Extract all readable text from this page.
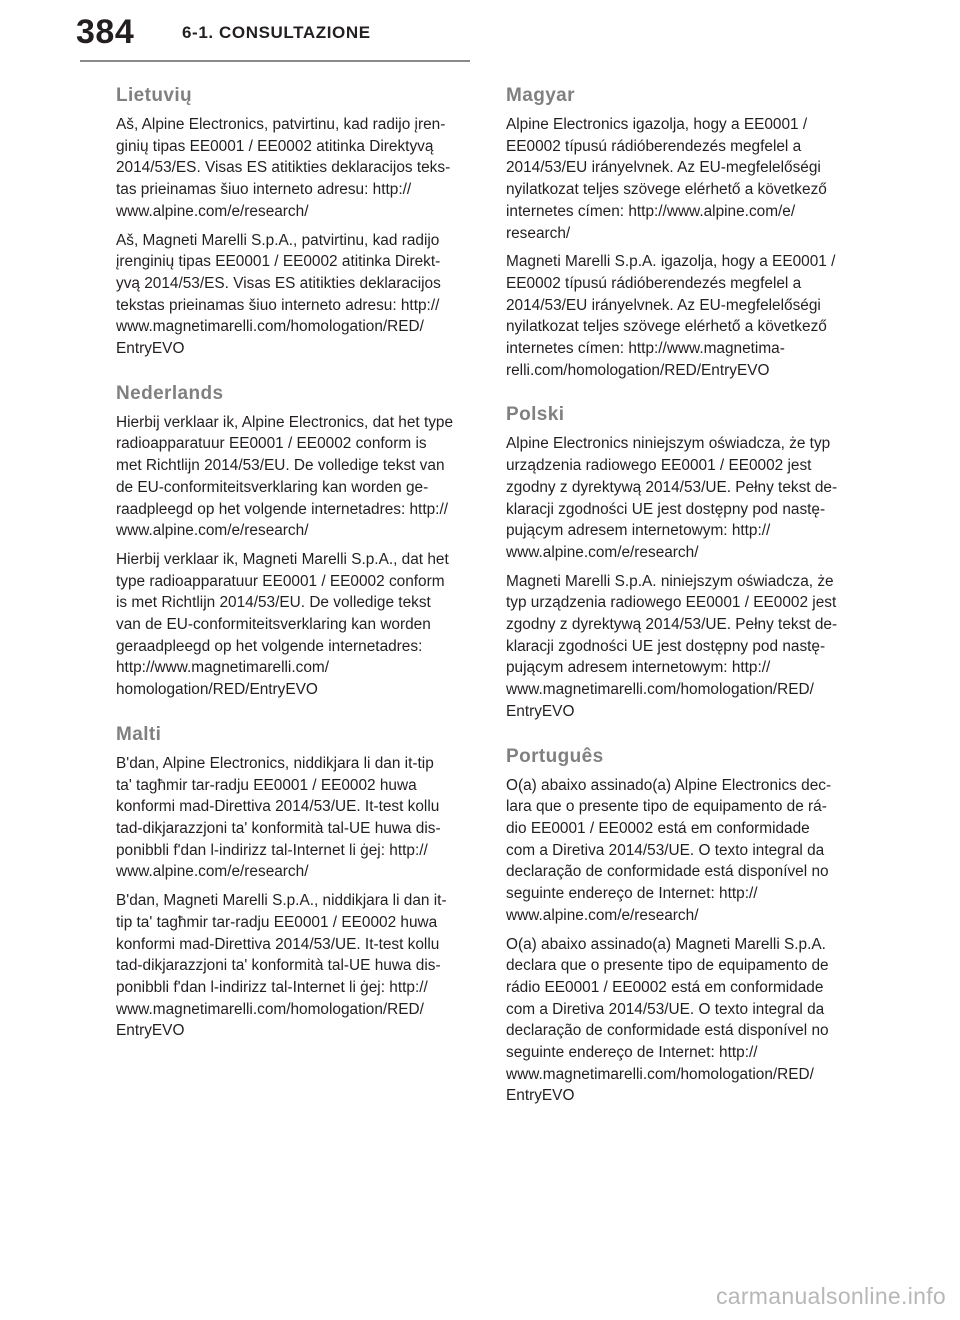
384	6-1. CONSULTAZIONE
Lietuvių

Aš, Alpine Electronics, patvirtinu, kad radijo įren-
ginių tipas EE0001 / EE0002 atitinka Direktyvą
2014/53/ES. Visas ES atitikties deklaracijos teks-
tas prieinamas šiuo interneto adresu: http://
www.alpine.com/e/research/

Aš, Magneti Marelli S.p.A., patvirtinu, kad radijo
įrenginių tipas EE0001 / EE0002 atitinka Direkt-
yvą 2014/53/ES. Visas ES atitikties deklaracijos
tekstas prieinamas šiuo interneto adresu: http://
www.magnetimarelli.com/homologation/RED/
EntryEVO

Nederlands

Hierbij verklaar ik, Alpine Electronics, dat het type
radioapparatuur EE0001 / EE0002 conform is
met Richtlijn 2014/53/EU. De volledige tekst van
de EU-conformiteitsverklaring kan worden ge-
raadpleegd op het volgende internetadres: http://
www.alpine.com/e/research/

Hierbij verklaar ik, Magneti Marelli S.p.A., dat het
type radioapparatuur EE0001 / EE0002 conform
is met Richtlijn 2014/53/EU. De volledige tekst
van de EU-conformiteitsverklaring kan worden
geraadpleegd op het volgende internetadres:
http://www.magnetimarelli.com/
homologation/RED/EntryEVO

Malti

B'dan, Alpine Electronics, niddikjara li dan it-tip
ta' tagħmir tar-radju EE0001 / EE0002 huwa
konformi mad-Direttiva 2014/53/UE. It-test kollu
tad-dikjarazzjoni ta' konformità tal-UE huwa dis-
ponibbli f'dan l-indirizz tal-Internet li ġej: http://
www.alpine.com/e/research/

B'dan, Magneti Marelli S.p.A., niddikjara li dan it-
tip ta' tagħmir tar-radju EE0001 / EE0002 huwa
konformi mad-Direttiva 2014/53/UE. It-test kollu
tad-dikjarazzjoni ta' konformità tal-UE huwa dis-
ponibbli f'dan l-indirizz tal-Internet li ġej: http://
www.magnetimarelli.com/homologation/RED/
EntryEVO

Magyar

Alpine Electronics igazolja, hogy a EE0001 /
EE0002 típusú rádióberendezés megfelel a
2014/53/EU irányelvnek. Az EU-megfelelőségi
nyilatkozat teljes szövege elérhető a következő
internetes címen: http://www.alpine.com/e/
research/

Magneti Marelli S.p.A. igazolja, hogy a EE0001 /
EE0002 típusú rádióberendezés megfelel a
2014/53/EU irányelvnek. Az EU-megfelelőségi
nyilatkozat teljes szövege elérhető a következő
internetes címen: http://www.magnetima-
relli.com/homologation/RED/EntryEVO

Polski

Alpine Electronics niniejszym oświadcza, że typ
urządzenia radiowego EE0001 / EE0002 jest
zgodny z dyrektywą 2014/53/UE. Pełny tekst de-
klaracji zgodności UE jest dostępny pod nastę-
pującym adresem internetowym: http://
www.alpine.com/e/research/

Magneti Marelli S.p.A. niniejszym oświadcza, że
typ urządzenia radiowego EE0001 / EE0002 jest
zgodny z dyrektywą 2014/53/UE. Pełny tekst de-
klaracji zgodności UE jest dostępny pod nastę-
pującym adresem internetowym: http://
www.magnetimarelli.com/homologation/RED/
EntryEVO

Português

O(a) abaixo assinado(a) Alpine Electronics dec-
lara que o presente tipo de equipamento de rá-
dio EE0001 / EE0002 está em conformidade
com a Diretiva 2014/53/UE. O texto integral da
declaração de conformidade está disponível no
seguinte endereço de Internet: http://
www.alpine.com/e/research/

O(a) abaixo assinado(a) Magneti Marelli S.p.A.
declara que o presente tipo de equipamento de
rádio EE0001 / EE0002 está em conformidade
com a Diretiva 2014/53/UE. O texto integral da
declaração de conformidade está disponível no
seguinte endereço de Internet: http://
www.magnetimarelli.com/homologation/RED/
EntryEVO

carmanualsonline.info
